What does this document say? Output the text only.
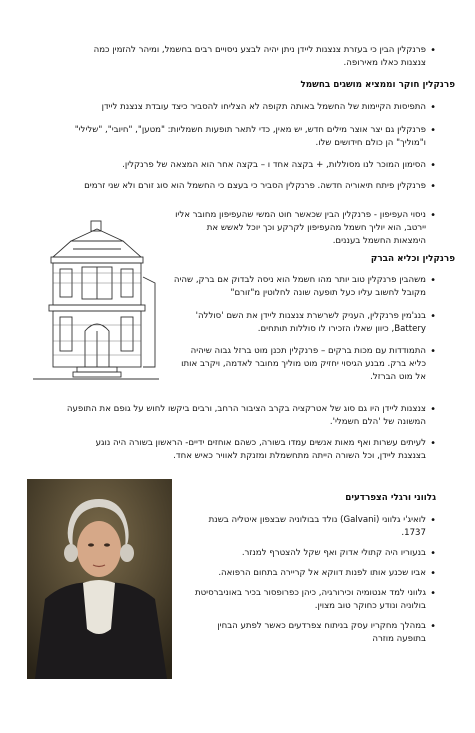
• פרנקלין הבין כי בעזרת צנצנות ליידן ניתן יהיה לבצע ניסויים רבים בחשמל, ומיהר להזמין כמה צנצנות כאלו מאירופה.
פרנקלין חוקר וממציא מושגים בחשמל
• התפיסות הקיימות של החשמל באותה תקופה לא הצליחו להסביר כיצד עובדת צנצנת ליידן
• פרנקלין גם יצר אוצר מילים חדש, יש מאין, כדי לתאר תופעות חשמליות: "מטען", "חיובי", "שלילי" ו"מוליך" הן כולם חידושים שלו.
• הסימון המוכר לנו מסוללות, + בקצה אחד ו – בקצה אחר הוא המצאה של פרנקלין.
• פרנקלין פיתח תיאוריה חדשה. פרנקלין הסביר כי בעצם כי החשמל הוא סוג זורם ולא שני זרמים
• ניסוי העפיפון - פרנקלין הבין שכאשר חוט המשי שהעפיפון מחובר אליו יירטב, הוא יוליך חשמל מהעפיפון לקרקע וכך יוכל לאשש את הימצאות החשמל בעננים.
פרנקלין וכליא הברק
• משהבין פרנקלין טוב יותר מהו חשמל הוא ניסה לבדוק אם ברק, שהיה מקובל לחשוב עליו כעל תופעה שונה לחלוטין מ"זורם"
• בנג'מין פרנקלין, העניק לשרשרת צנצנות ליידן את השם 'סוללה' Battery, כיוון שאלו הזכירו לו סוללות תותחים.
• התמודדות עם מכות ברקים – פרנקלין תכנן מוט ברזל גבוה שיהיה כליא ברק. מבנע הגיסוי יחזיק מוט מוליך מחובר לאדמה, ויקרב אותו אל מוט הברזל.
• צנצנות ליידן היו גם סוג של אטרקציה בקרב הציבור הרחב, ורבים ביקשו לחוש על גופם את התופעה המשונה של 'הלם חשמלי'.
• לעיתים עשרות ואף מאות אנשים עמדו בשורה, כשהם אוחזים ידיים- הראשון בשורה היה נוגע בצנצנת ליידן, וכל השורה הייתה מתחשמלת ומזנקת לאוויר כאיש אחד.
גלווני ורגלי הצפרדעים
• לואיג'י גלווני (Galvani) נולד בבולוניה שבצפון איטליה בשנת 1737.
• בנעוריו היה קתולי אדוק ואף שקל להצטרף למנזר.
• אביו שכנע אותו לפנות דווקא אל קריירה בתחום הרפואה.
• גלווני למד אנטומיה וכירורגיה, כיהן כפרופסור בכיר באוניברסיטת בולוניה ונודע כחוקר טוב מצוין.
• במהלך מחקריו עסק בניתוח צפרדעים כאשר לפתע הבחין בתופעה מוזרה
